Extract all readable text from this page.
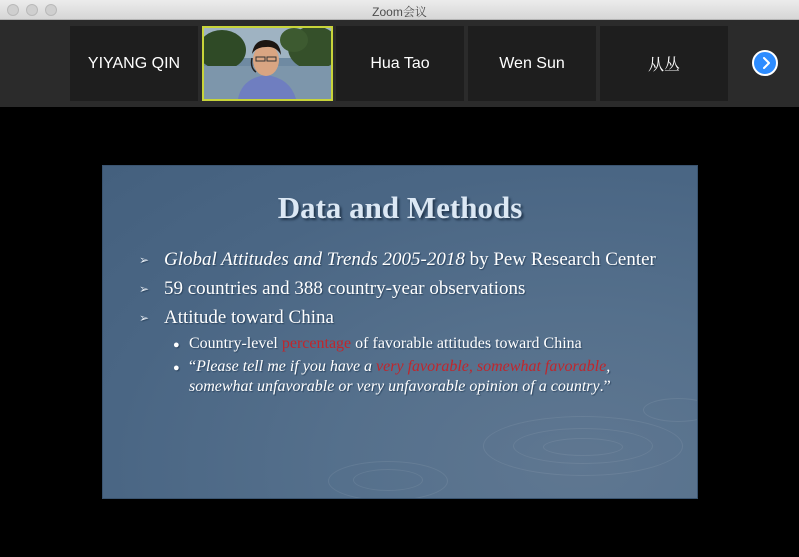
Zoom会议
YIYANG QIN	Hua Tao	Wen Sun	从丛
Data and Methods
➢ Global Attitudes and Trends 2005-2018 by Pew Research Center
➢ 59 countries and 388 country-year observations
➢ Attitude toward China
● Country-level percentage of favorable attitudes toward China
● “Please tell me if you have a very favorable, somewhat favorable, somewhat unfavorable or very unfavorable opinion of a country.”
